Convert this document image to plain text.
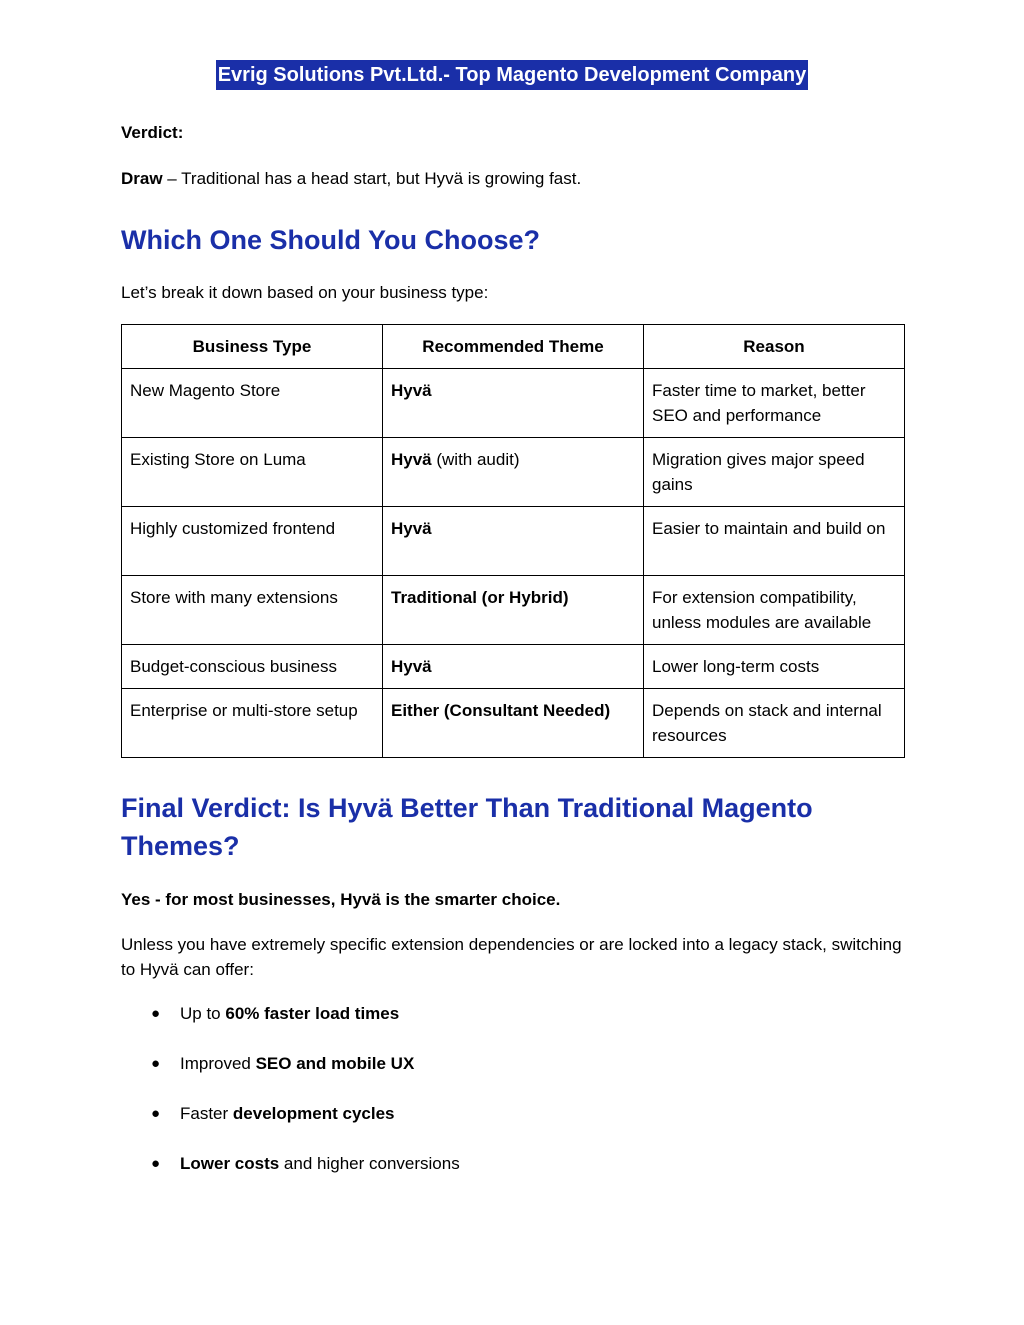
Evrig Solutions Pvt.Ltd.- Top Magento Development Company

Verdict:

Draw – Traditional has a head start, but Hyvä is growing fast.

Which One Should You Choose?

Let’s break it down based on your business type:

Business Type	Recommended Theme	Reason
New Magento Store	Hyvä	Faster time to market, better SEO and performance
Existing Store on Luma	Hyvä (with audit)	Migration gives major speed gains
Highly customized frontend	Hyvä	Easier to maintain and build on
Store with many extensions	Traditional (or Hybrid)	For extension compatibility, unless modules are available
Budget-conscious business	Hyvä	Lower long-term costs
Enterprise or multi-store setup	Either (Consultant Needed)	Depends on stack and internal resources
Final Verdict: Is Hyvä Better Than Traditional Magento Themes?

Yes - for most businesses, Hyvä is the smarter choice.

Unless you have extremely specific extension dependencies or are locked into a legacy stack, switching to Hyvä can offer:

● Up to 60% faster load times
● Improved SEO and mobile UX
● Faster development cycles
● Lower costs and higher conversions
